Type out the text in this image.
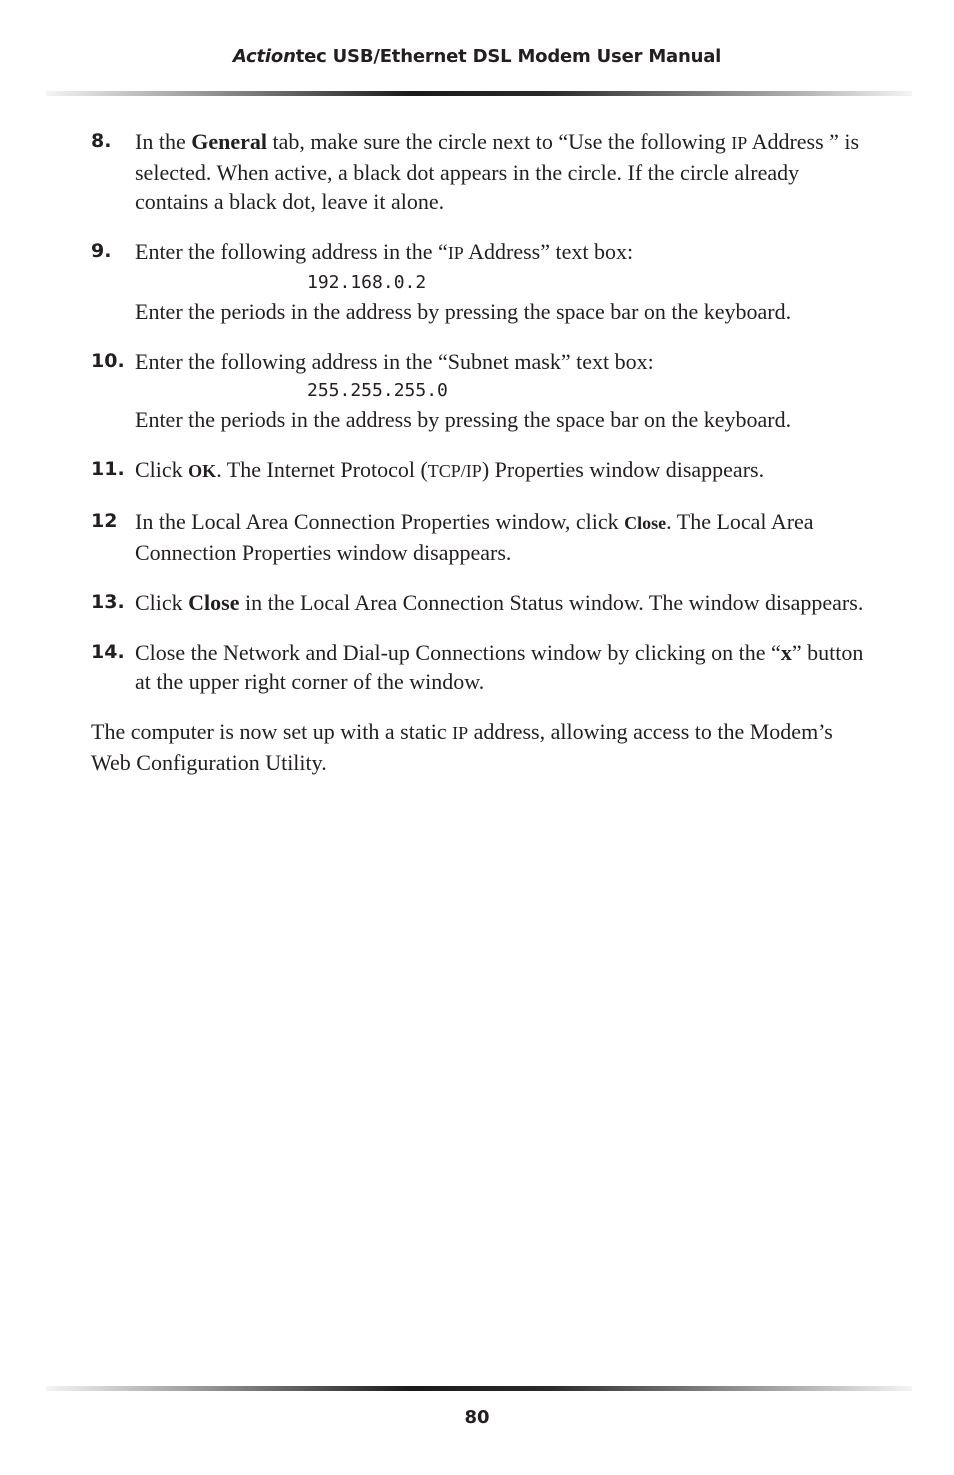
Actiontec USB/Ethernet DSL Modem User Manual
8. In the General tab, make sure the circle next to “Use the following IP Address ” is selected. When active, a black dot appears in the circle. If the circle already contains a black dot, leave it alone.
9. Enter the following address in the “IP Address” text box:
192.168.0.2
Enter the periods in the address by pressing the space bar on the keyboard.
10. Enter the following address in the “Subnet mask” text box:
255.255.255.0
Enter the periods in the address by pressing the space bar on the keyboard.
11. Click OK. The Internet Protocol (TCP/IP) Properties window disappears.
12 In the Local Area Connection Properties window, click Close. The Local Area Connection Properties window disappears.
13. Click Close in the Local Area Connection Status window. The window disappears.
14. Close the Network and Dial-up Connections window by clicking on the “x” button at the upper right corner of the window.
The computer is now set up with a static IP address, allowing access to the Modem’s Web Configuration Utility.
80
